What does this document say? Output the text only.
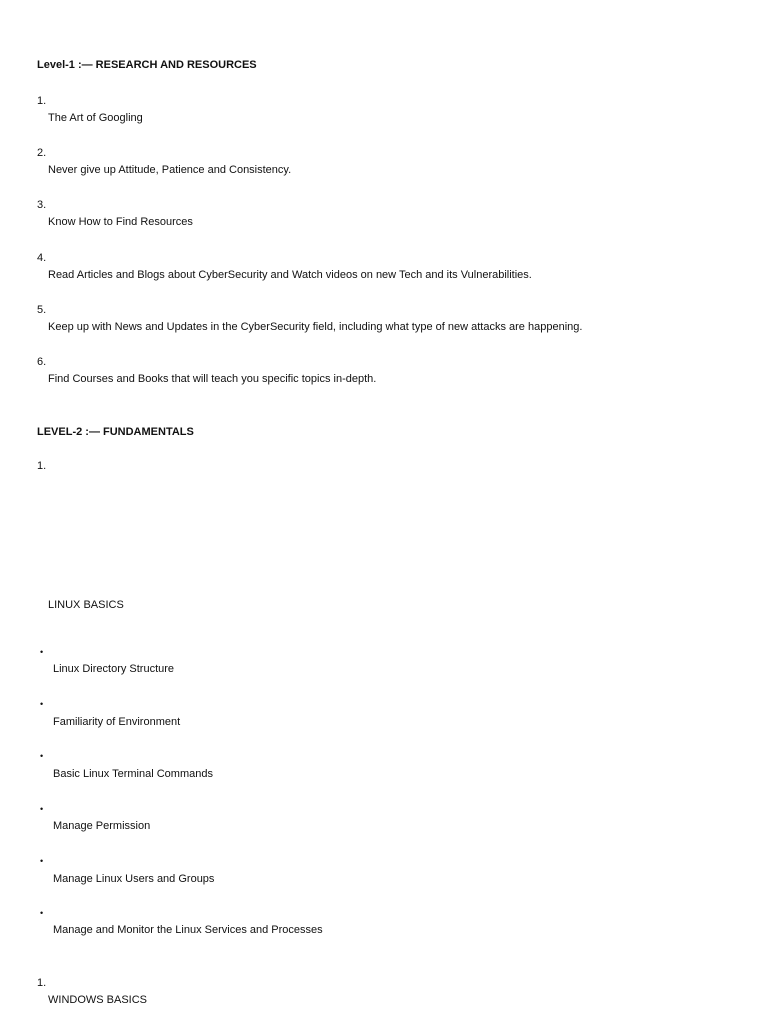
Level-1 :— RESEARCH AND RESOURCES
1.
The Art of Googling
2.
Never give up Attitude, Patience and Consistency.
3.
Know How to Find Resources
4.
Read Articles and Blogs about CyberSecurity and Watch videos on new Tech and its Vulnerabilities.
5.
Keep up with News and Updates in the CyberSecurity field, including what type of new attacks are happening.
6.
Find Courses and Books that will teach you specific topics in-depth.
LEVEL-2 :— FUNDAMENTALS
1.
LINUX BASICS
•
Linux Directory Structure
•
Familiarity of Environment
•
Basic Linux Terminal Commands
•
Manage Permission
•
Manage Linux Users and Groups
•
Manage and Monitor the Linux Services and Processes
1.
WINDOWS BASICS
